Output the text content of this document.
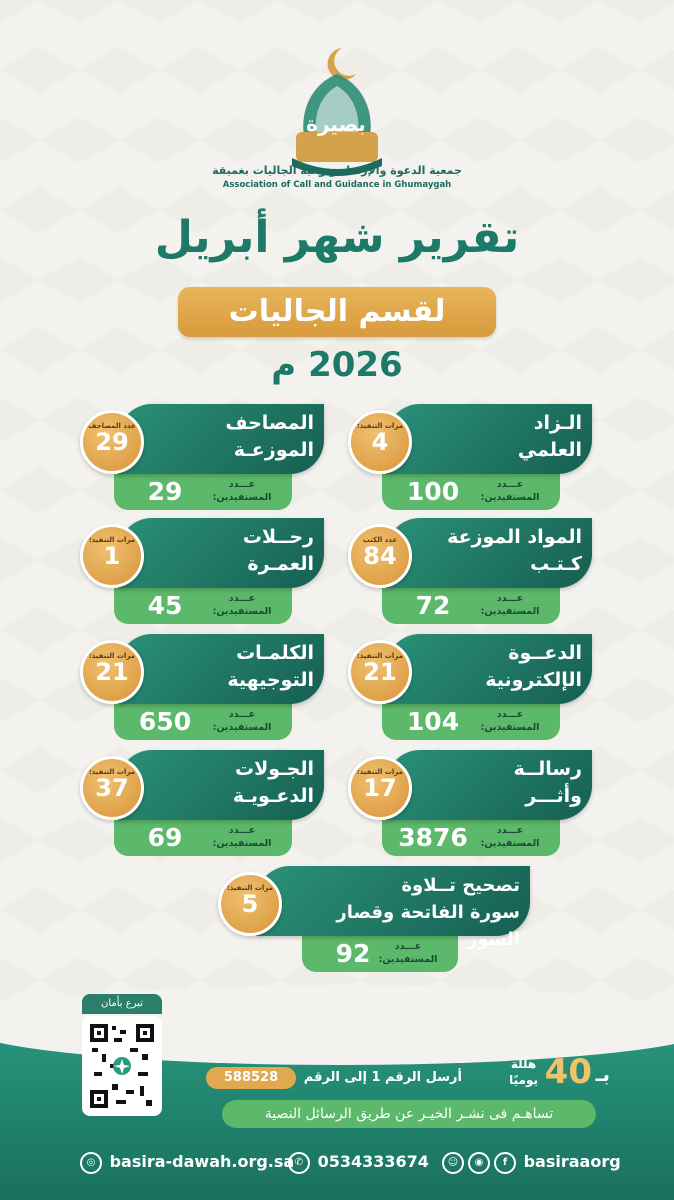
بصيرة
جمعية الدعوة والإرشاد وتوعية الجاليات بغميقة
Association of Call and Guidance in Ghumaygah
تقرير شهر أبريل
لقسم الجاليات
2026 م
100	عـــدد المستفيدين:
الـزاد
العلمي
مرات التنفيذ:
4
29	عـــدد المستفيدين:
المصاحف
الموزعـة
عدد المصاحف
29
72	عـــدد المستفيدين:
المواد الموزعة
كـتـب
عدد الكتب
84
45	عـــدد المستفيدين:
رحــلات
العمـرة
مرات التنفيذ:
1
104	عـــدد المستفيدين:
الدعــوة
الإلكترونية
مرات التنفيذ:
21
650	عـــدد المستفيدين:
الكلمـات
التوجيهية
مرات التنفيذ:
21
3876	عـــدد المستفيدين:
رسالــة
وأثـــر
مرات التنفيذ:
17
69	عـــدد المستفيدين:
الجـولات
الدعـويـة
مرات التنفيذ:
37
92	عـــدد المستفيدين:
تصحيح تــلاوة
سورة الفاتحة وقصار السور
مرات التنفيذ:
5
تبرع بأمان
بـ
40
هللة
يوميًا
أرسل الرقم 1 إلى الرقم
588528
تساهـم فى نشـر الخيـر عن طريق الرسائل النصية
◎ basira-dawah.org.sa ✆ 0534333674	☺ ◉ f basiraaorg
